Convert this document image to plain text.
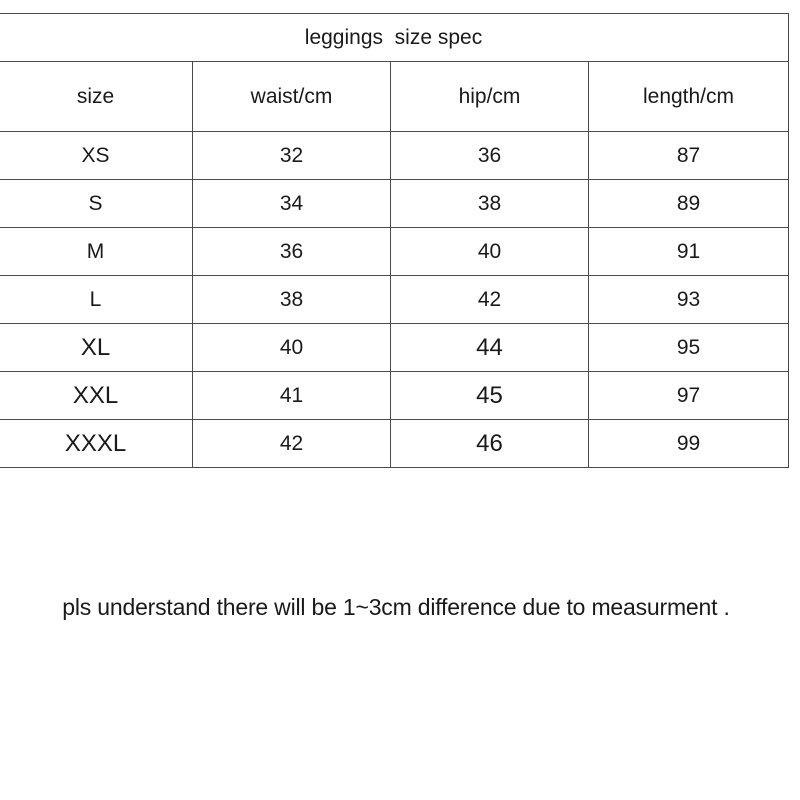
leggings  size spec			
size	waist/cm	hip/cm	length/cm
XS	32	36	87
S	34	38	89
M	36	40	91
L	38	42	93
XL	40	44	95
XXL	41	45	97
XXXL	42	46	99
pls understand there will be 1~3cm difference due to measurment .
